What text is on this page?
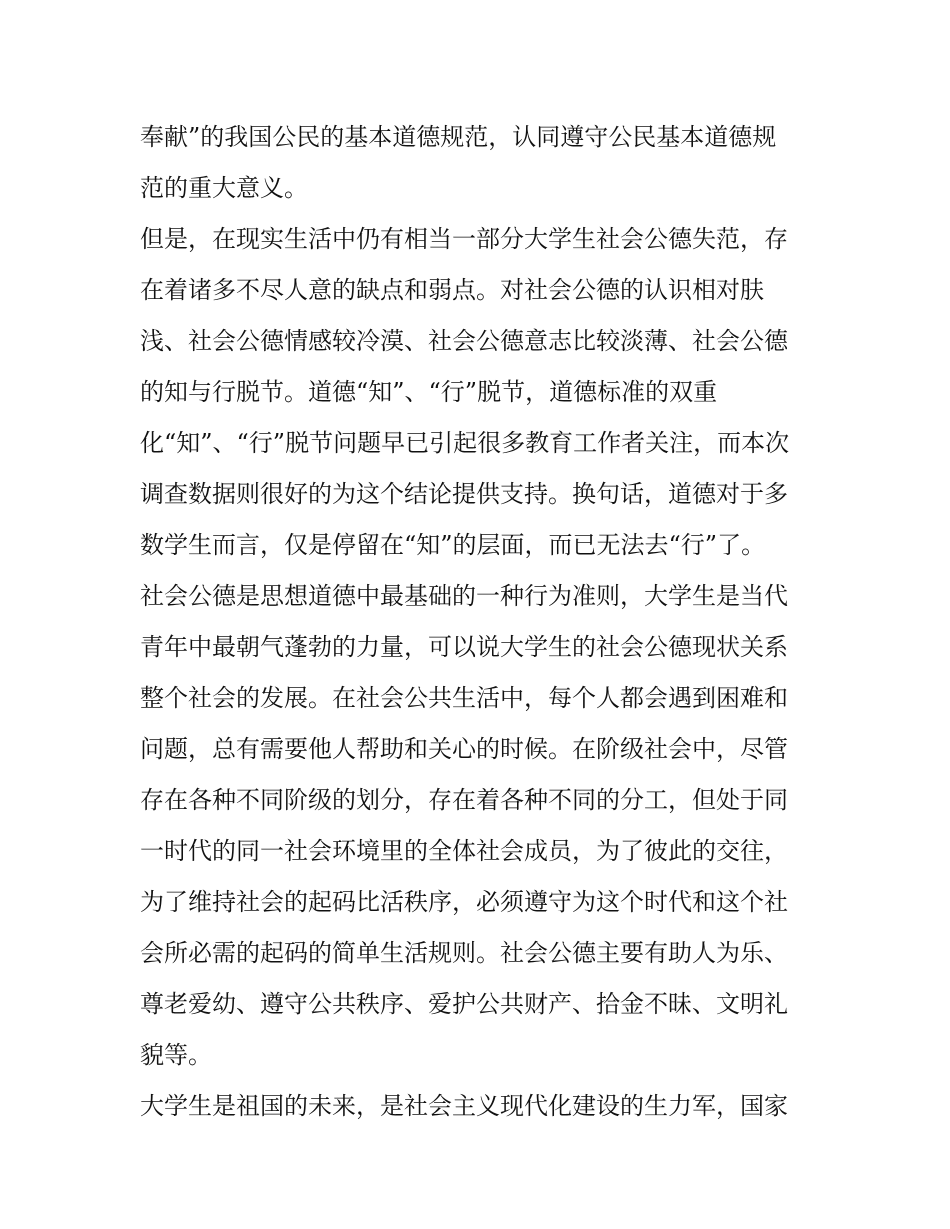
奉献”的我国公民的基本道德规范，认同遵守公民基本道德规
范的重大意义。

但是，在现实生活中仍有相当一部分大学生社会公德失范，存
在着诸多不尽人意的缺点和弱点。对社会公德的认识相对肤
浅、社会公德情感较冷漠、社会公德意志比较淡薄、社会公德
的知与行脱节。道德“知”、“行”脱节，道德标准的双重
化“知”、“行”脱节问题早已引起很多教育工作者关注，而本次
调查数据则很好的为这个结论提供支持。换句话，道德对于多
数学生而言，仅是停留在“知”的层面，而已无法去“行”了。

社会公德是思想道德中最基础的一种行为准则，大学生是当代
青年中最朝气蓬勃的力量，可以说大学生的社会公德现状关系
整个社会的发展。在社会公共生活中，每个人都会遇到困难和
问题，总有需要他人帮助和关心的时候。在阶级社会中，尽管
存在各种不同阶级的划分，存在着各种不同的分工，但处于同
一时代的同一社会环境里的全体社会成员，为了彼此的交往，
为了维持社会的起码比活秩序，必须遵守为这个时代和这个社
会所必需的起码的简单生活规则。社会公德主要有助人为乐、
尊老爱幼、遵守公共秩序、爱护公共财产、拾金不昧、文明礼
貌等。

大学生是祖国的未来，是社会主义现代化建设的生力军，国家
